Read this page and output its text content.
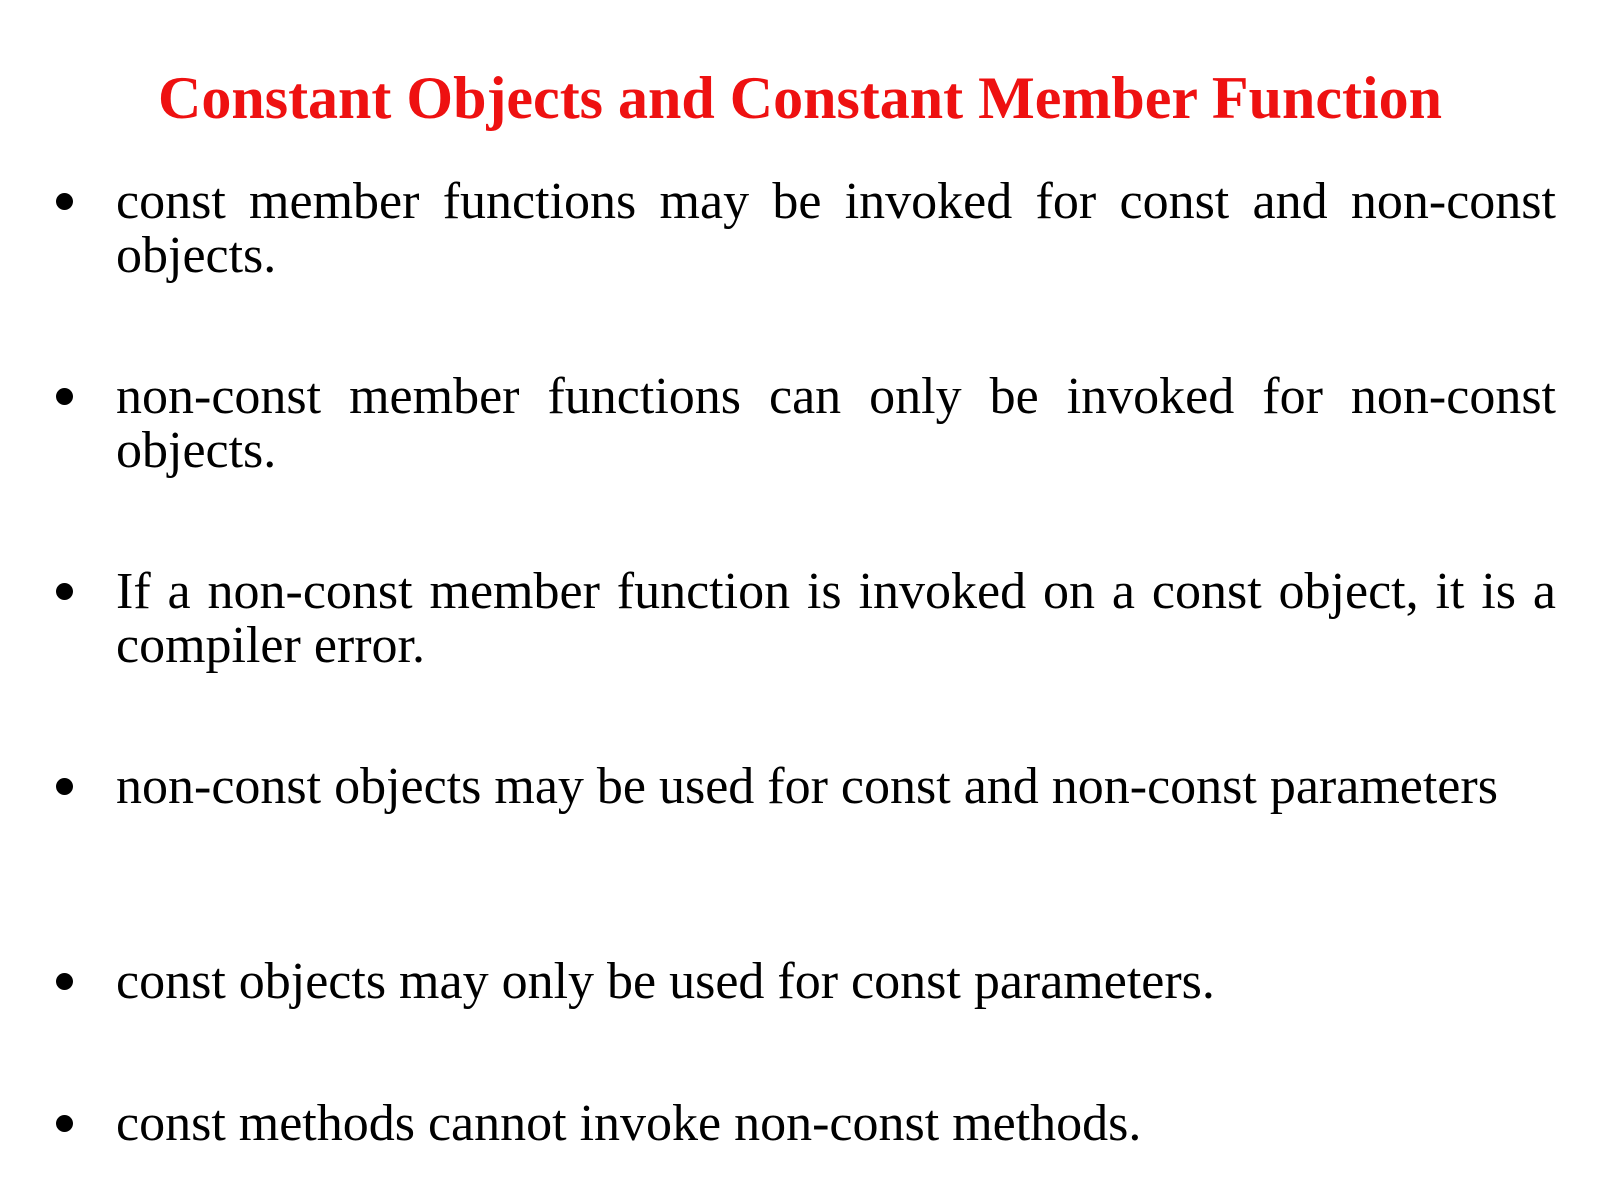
Constant Objects and Constant Member Function
const member functions may be invoked for const and non-const objects.
non-const member functions can only be invoked for non-const objects.
If a non-const member function is invoked on a const object, it is a compiler error.
non-const objects may be used for const and non-const parameters
const objects may only be used for const parameters.
const methods cannot invoke non-const methods.
